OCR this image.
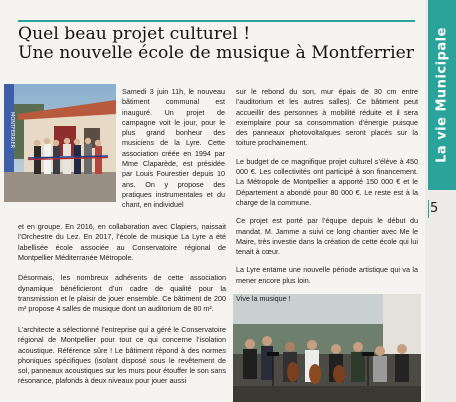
La vie Municipale
5
Quel beau projet culturel !
Une nouvelle école de musique à Montferrier
MONTFERRIER

Samedi 3 juin 11h, le nouveau bâtiment communal est inauguré. Un projet de campagne voit le jour, pour le plus grand bonheur des musiciens de la Lyre. Cette association créée en 1994 par Mme Claparède, est présidée par Louis Fourestier depuis 10 ans. On y propose des pratiques instrumentales et du chant, en individuel

et en groupe. En 2016, en collaboration avec Clapiers, naissait l’Orchestre du Lez. En 2017, l’école de musique La Lyre a été labellisée école associée au Conservatoire régional de Montpellier Méditerranée Métropole.

Désormais, les nombreux adhérents de cette association dynamique bénéficieront d’un cadre de qualité pour la transmission et le plaisir de jouer ensemble. Ce bâtiment de 200 m² propose 4 salles de musique dont un auditorium de 80 m².

L’architecte a sélectionné l’entreprise qui a géré le Conservatoire régional de Montpellier pour tout ce qui concerne l’isolation acoustique. Référence sûre ! Le bâtiment répond à des normes phoniques spécifiques (isolant disposé sous le revêtement de sol, panneaux acoustiques sur les murs pour étouffer le son sans résonance, plafonds à deux niveaux pour jouer aussi

sur le rebond du son, mur épais de 30 cm entre l’auditorium et les autres salles). Ce bâtiment peut accueillir des personnes à mobilité réduite et il sera exemplaire pour sa consommation d’énergie puisque des panneaux photovoltaïques seront placés sur la toiture prochainement.

Le budget de ce magnifique projet culturel s’élève à 450 000 €. Les collectivités ont participé à son financement. La Métropole de Montpellier a apporté 150 000 € et le Département a abondé pour 80 000 €. Le reste est à la charge de la commune.

Ce projet est porté par l’équipe depuis le début du mandat. M. Jamme a suivi ce long chantier avec Me le Maire, très investie dans la création de cette école qui lui tenait à cœur.

La Lyre entame une nouvelle période artistique qui va la mener encore plus loin.

Vive la musique !
